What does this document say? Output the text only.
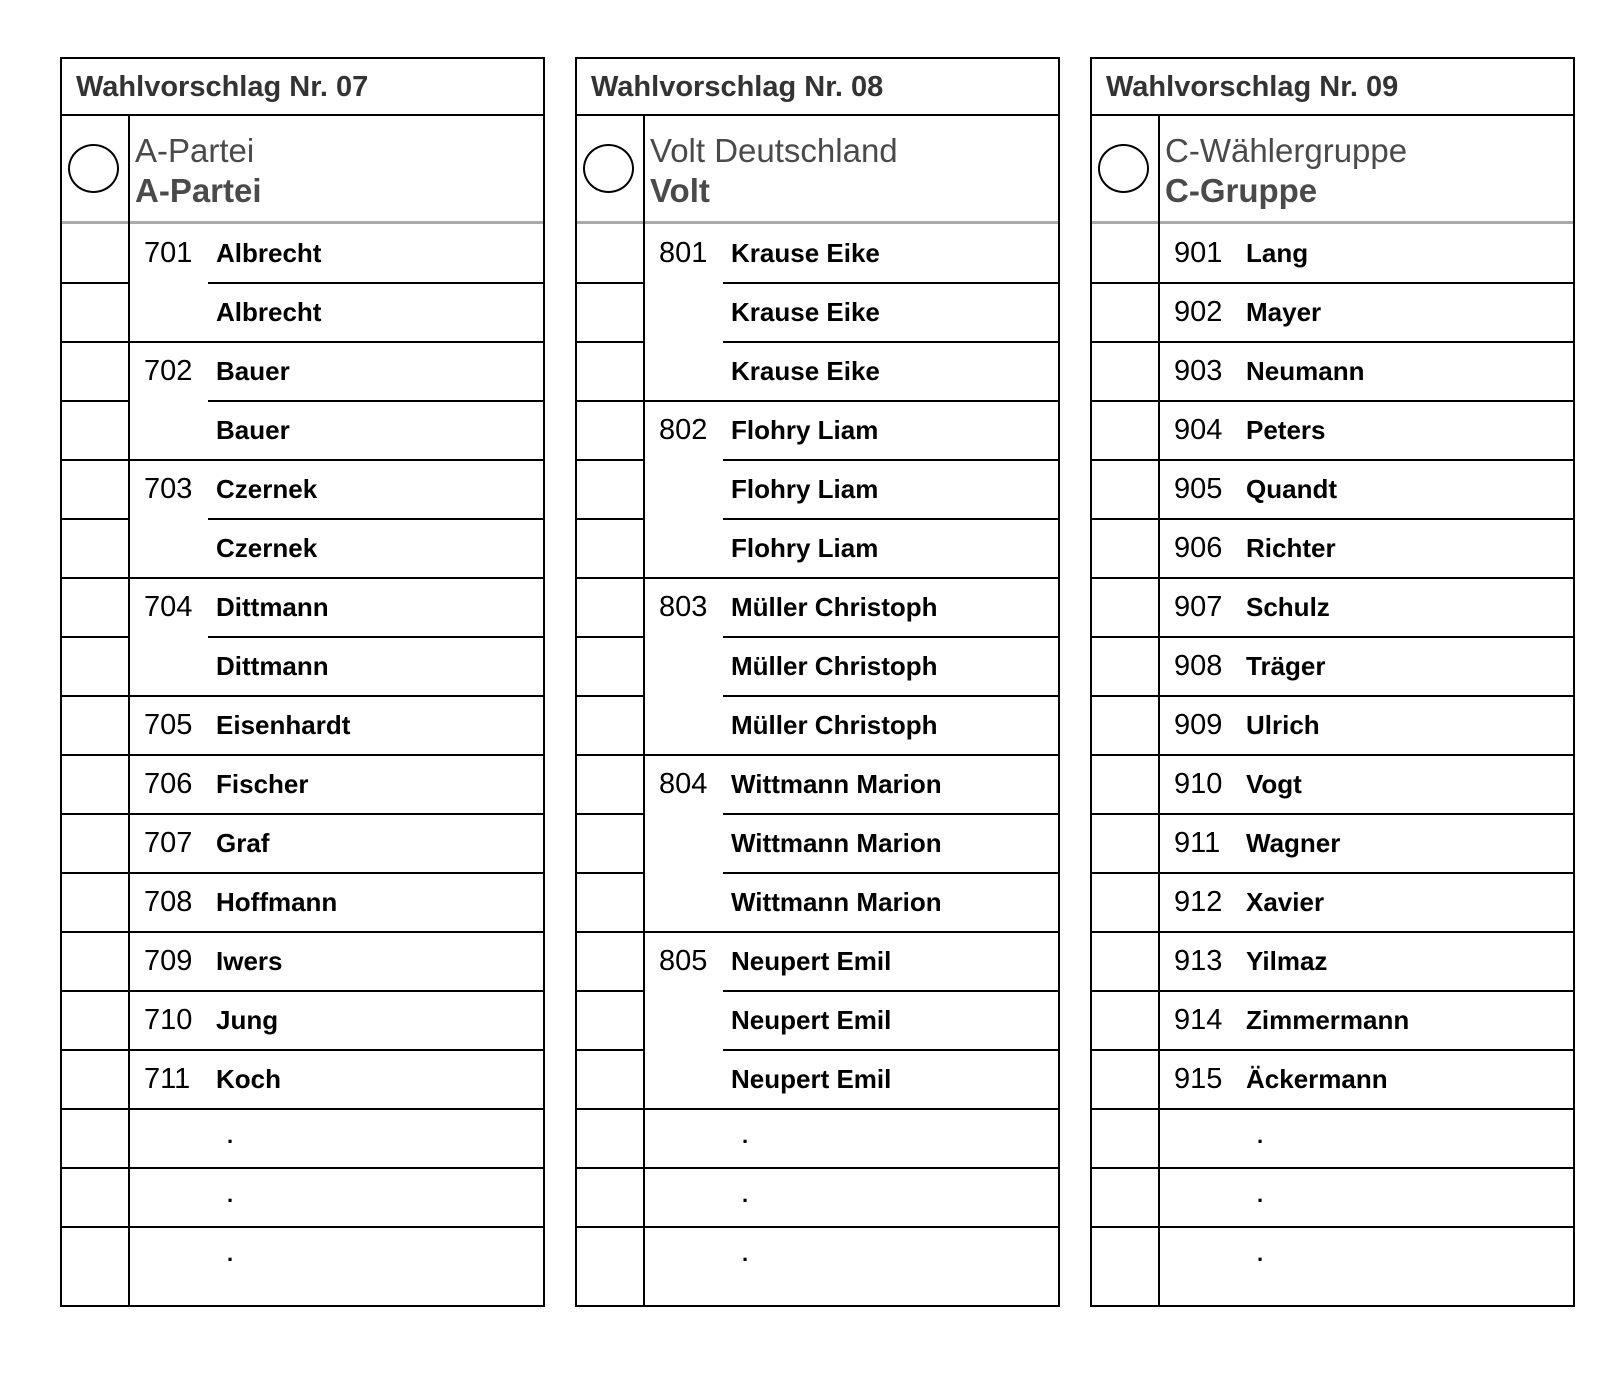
Wahlvorschlag Nr. 07
A-Partei
A-Partei
701 Albrecht
Albrecht
702 Bauer
Bauer
703 Czernek
Czernek
704 Dittmann
Dittmann
705 Eisenhardt
706 Fischer
707 Graf
708 Hoffmann
709 Iwers
710 Jung
711 Koch
.
.
.
Wahlvorschlag Nr. 08
Volt Deutschland
Volt
801 Krause Eike
Krause Eike
Krause Eike
802 Flohry Liam
Flohry Liam
Flohry Liam
803 Müller Christoph
Müller Christoph
Müller Christoph
804 Wittmann Marion
Wittmann Marion
Wittmann Marion
805 Neupert Emil
Neupert Emil
Neupert Emil
.
.
.
Wahlvorschlag Nr. 09
C-Wählergruppe
C-Gruppe
901 Lang
902 Mayer
903 Neumann
904 Peters
905 Quandt
906 Richter
907 Schulz
908 Träger
909 Ulrich
910 Vogt
911 Wagner
912 Xavier
913 Yilmaz
914 Zimmermann
915 Äckermann
.
.
.
